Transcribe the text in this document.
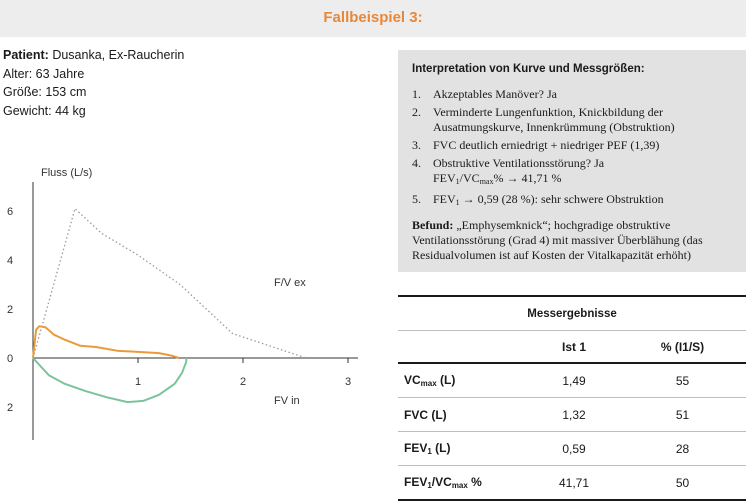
Fallbeispiel 3:
Patient: Dusanka, Ex-Raucherin
Alter: 63 Jahre
Größe: 153 cm
Gewicht: 44 kg
Fluss (L/s)
1	2	3
6
4
2
0
2
F/V ex
FV in
Interpretation von Kurve und Messgrößen:
1.	Akzeptables Manöver? Ja
2.	Verminderte Lungenfunktion, Knickbildung der Ausatmungskurve, Innenkrümmung (Obstruktion)
3.	FVC deutlich erniedrigt + niedriger PEF (1,39)
4.	Obstruktive Ventilationsstörung? Ja
$FEV_1/VC_{max}\% \to 41,71$ %
5.	$FEV_1 \to 0,59$ (28 %): sehr schwere Obstruktion
Befund: „Emphysemknick“; hochgradige obstruktive Ventilationsstörung (Grad 4) mit massiver Überblähung (das Residualvolumen ist auf Kosten der Vitalkapazität erhöht)
Messergebnisse		
	Ist 1	% (I1/S)
$VC_{max}$ (L)	1,49	55
FVC (L)	1,32	51
$FEV_1$ (L)	0,59	28
$FEV_1/VC_{max}$ %	41,71	50
